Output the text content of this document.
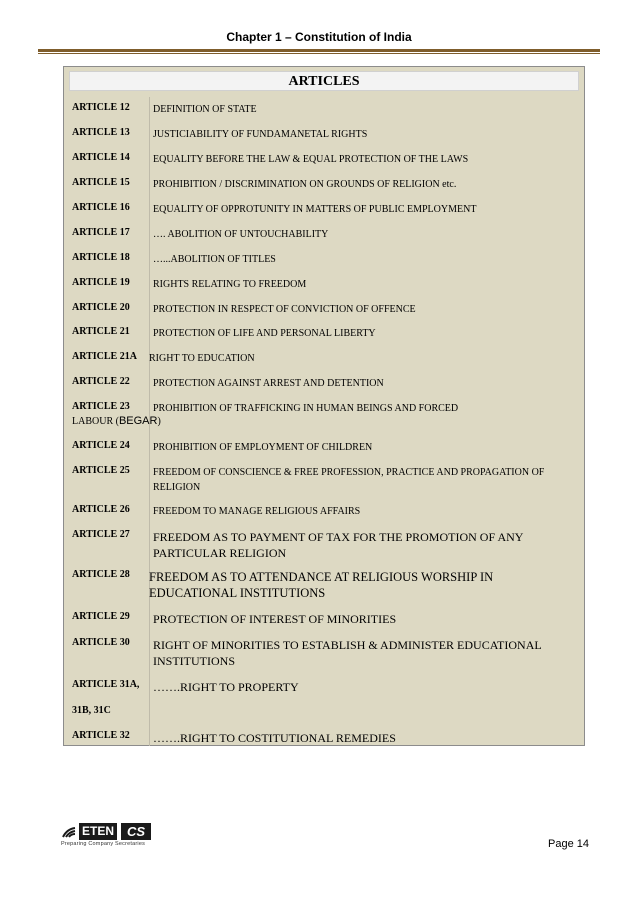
Chapter 1 – Constitution of India
ARTICLES
ARTICLE 12 DEFINITION OF STATE
ARTICLE 13 JUSTICIABILITY OF FUNDAMANETAL RIGHTS
ARTICLE 14 EQUALITY BEFORE THE LAW & EQUAL PROTECTION OF THE LAWS
ARTICLE 15 PROHIBITION / DISCRIMINATION ON GROUNDS OF RELIGION etc.
ARTICLE 16 EQUALITY OF OPPROTUNITY IN MATTERS OF PUBLIC EMPLOYMENT
ARTICLE 17 …. ABOLITION OF UNTOUCHABILITY
ARTICLE 18 …...ABOLITION OF TITLES
ARTICLE 19 RIGHTS RELATING TO FREEDOM
ARTICLE 20 PROTECTION IN RESPECT OF CONVICTION OF OFFENCE
ARTICLE 21 PROTECTION OF LIFE AND PERSONAL LIBERTY
ARTICLE 21A RIGHT TO EDUCATION
ARTICLE 22 PROTECTION AGAINST ARREST AND DETENTION
ARTICLE 23 PROHIBITION OF TRAFFICKING IN HUMAN BEINGS AND FORCED
LABOUR (BEGAR)
ARTICLE 24 PROHIBITION OF EMPLOYMENT OF CHILDREN
ARTICLE 25 FREEDOM OF CONSCIENCE & FREE PROFESSION, PRACTICE AND PROPAGATION OF RELIGION
ARTICLE 26 FREEDOM TO MANAGE RELIGIOUS AFFAIRS
ARTICLE 27 FREEDOM AS TO PAYMENT OF TAX FOR THE PROMOTION OF ANY PARTICULAR RELIGION
ARTICLE 28 FREEDOM AS TO ATTENDANCE AT RELIGIOUS WORSHIP IN EDUCATIONAL INSTITUTIONS
ARTICLE 29 PROTECTION OF INTEREST OF MINORITIES
ARTICLE 30 RIGHT OF MINORITIES TO ESTABLISH & ADMINISTER EDUCATIONAL INSTITUTIONS
ARTICLE 31A, …….RIGHT TO PROPERTY
31B, 31C
ARTICLE 32 …….RIGHT TO COSTITUTIONAL REMEDIES
ETEN CS
Preparing Company Secretaries	Page 14
